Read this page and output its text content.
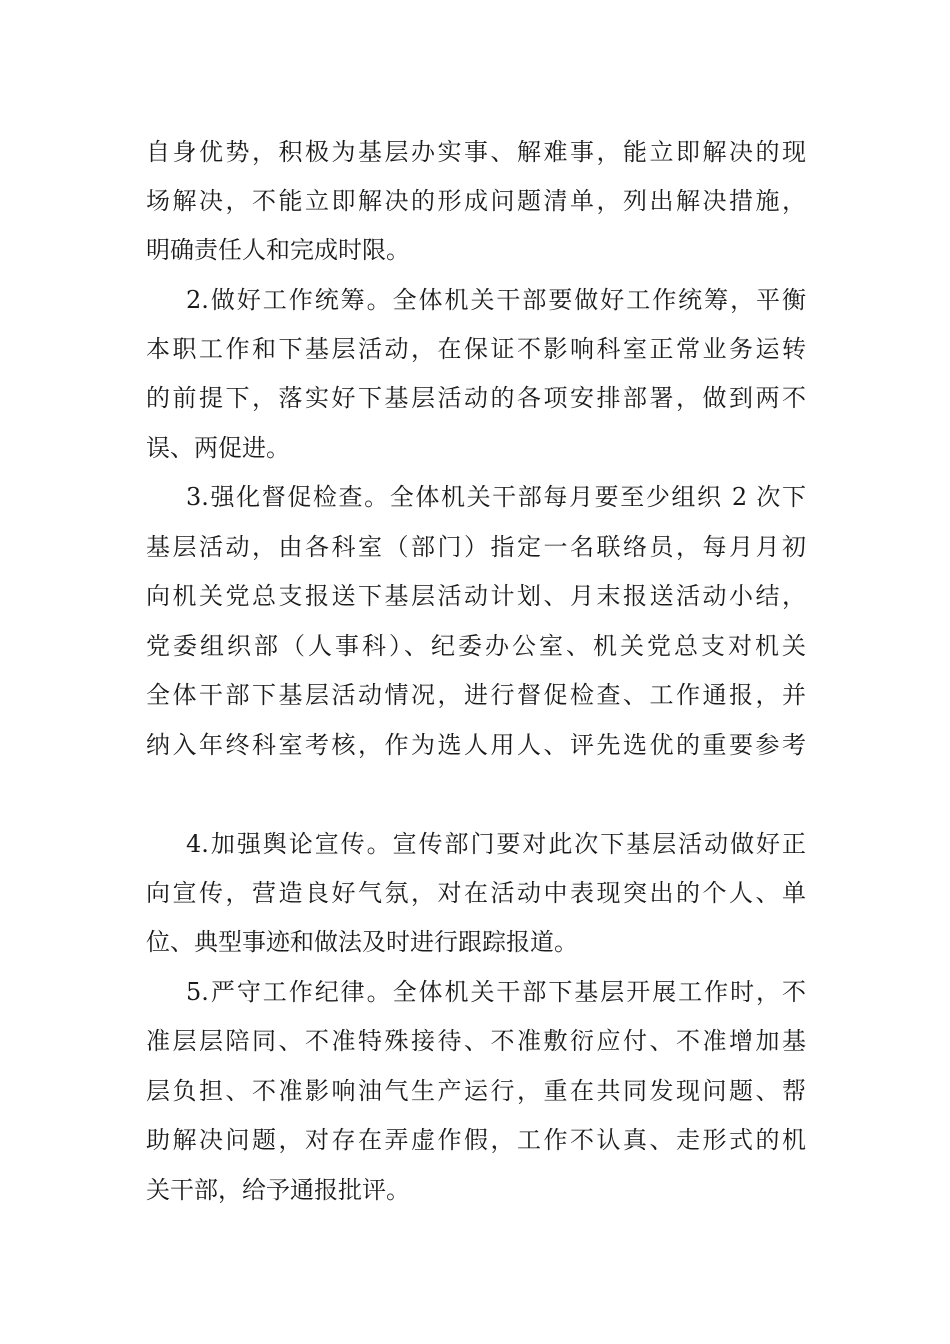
自身优势，积极为基层办实事、解难事，能立即解决的现
场解决，不能立即解决的形成问题清单，列出解决措施，
明确责任人和完成时限。
2.做好工作统筹。全体机关干部要做好工作统筹，平衡
本职工作和下基层活动，在保证不影响科室正常业务运转
的前提下，落实好下基层活动的各项安排部署，做到两不
误、两促进。
3.强化督促检查。全体机关干部每月要至少组织 2 次下
基层活动，由各科室（部门）指定一名联络员，每月月初
向机关党总支报送下基层活动计划、月末报送活动小结，
党委组织部（人事科）、纪委办公室、机关党总支对机关
全体干部下基层活动情况，进行督促检查、工作通报，并
纳入年终科室考核，作为选人用人、评先选优的重要参考
4.加强舆论宣传。宣传部门要对此次下基层活动做好正
向宣传，营造良好气氛，对在活动中表现突出的个人、单
位、典型事迹和做法及时进行跟踪报道。
5.严守工作纪律。全体机关干部下基层开展工作时，不
准层层陪同、不准特殊接待、不准敷衍应付、不准增加基
层负担、不准影响油气生产运行，重在共同发现问题、帮
助解决问题，对存在弄虚作假，工作不认真、走形式的机
关干部，给予通报批评。
